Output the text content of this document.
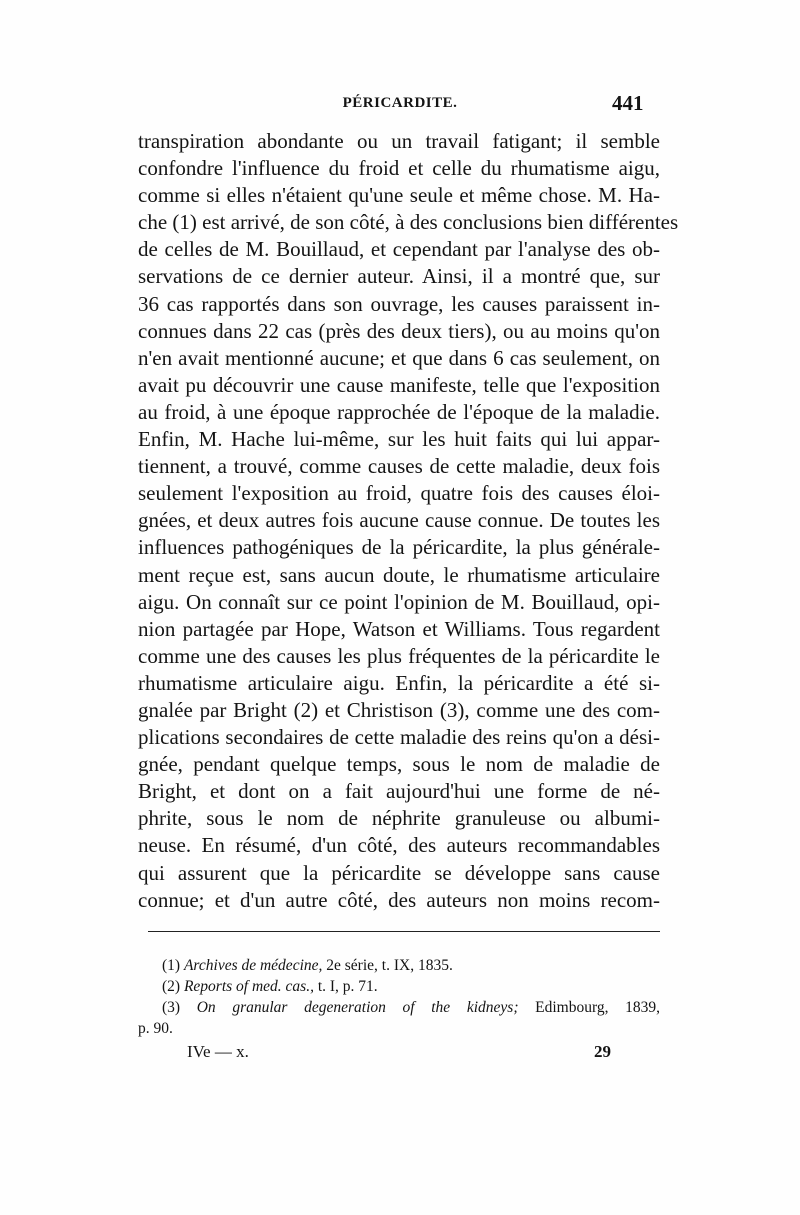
PÉRICARDITE.	441
transpiration abondante ou un travail fatigant; il semble
confondre l'influence du froid et celle du rhumatisme aigu,
comme si elles n'étaient qu'une seule et même chose. M. Ha-
che (1) est arrivé, de son côté, à des conclusions bien différentes
de celles de M. Bouillaud, et cependant par l'analyse des ob-
servations de ce dernier auteur. Ainsi, il a montré que, sur
36 cas rapportés dans son ouvrage, les causes paraissent in-
connues dans 22 cas (près des deux tiers), ou au moins qu'on
n'en avait mentionné aucune; et que dans 6 cas seulement, on
avait pu découvrir une cause manifeste, telle que l'exposition
au froid, à une époque rapprochée de l'époque de la maladie.
Enfin, M. Hache lui-même, sur les huit faits qui lui appar-
tiennent, a trouvé, comme causes de cette maladie, deux fois
seulement l'exposition au froid, quatre fois des causes éloi-
gnées, et deux autres fois aucune cause connue. De toutes les
influences pathogéniques de la péricardite, la plus générale-
ment reçue est, sans aucun doute, le rhumatisme articulaire
aigu. On connaît sur ce point l'opinion de M. Bouillaud, opi-
nion partagée par Hope, Watson et Williams. Tous regardent
comme une des causes les plus fréquentes de la péricardite le
rhumatisme articulaire aigu. Enfin, la péricardite a été si-
gnalée par Bright (2) et Christison (3), comme une des com-
plications secondaires de cette maladie des reins qu'on a dési-
gnée, pendant quelque temps, sous le nom de maladie de
Bright, et dont on a fait aujourd'hui une forme de né-
phrite, sous le nom de néphrite granuleuse ou albumi-
neuse. En résumé, d'un côté, des auteurs recommandables
qui assurent que la péricardite se développe sans cause
connue; et d'un autre côté, des auteurs non moins recom-
(1) Archives de médecine, 2e série, t. IX, 1835.
(2) Reports of med. cas., t. I, p. 71.
(3) On granular degeneration of the kidneys; Edimbourg, 1839,
p. 90.
IVe — x.	29
